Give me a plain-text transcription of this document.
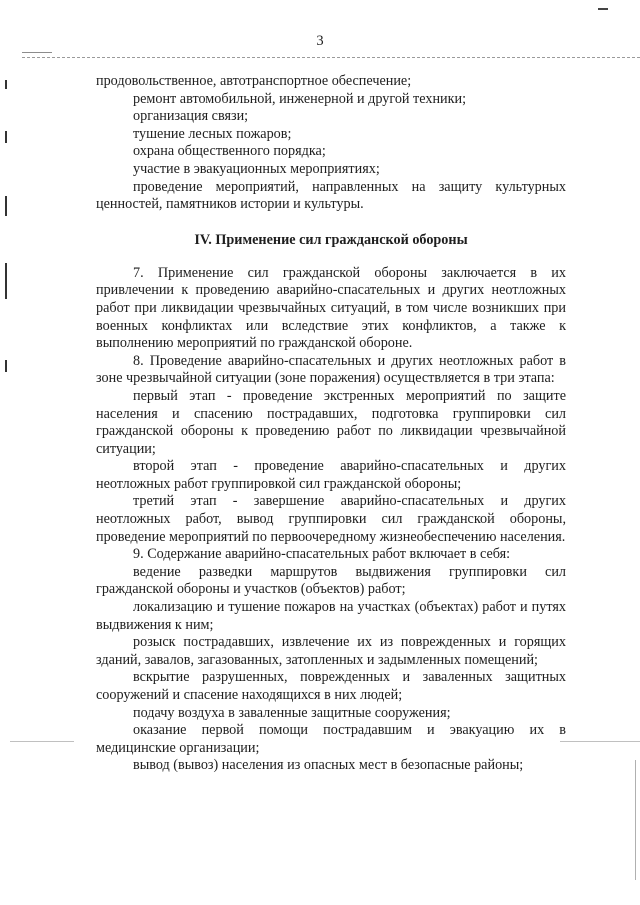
3

продовольственное, автотранспортное обеспечение;

ремонт автомобильной, инженерной и другой техники;

организация связи;

тушение лесных пожаров;

охрана общественного порядка;

участие в эвакуационных мероприятиях;

проведение мероприятий, направленных на защиту культурных ценностей, памятников истории и культуры.

IV. Применение сил гражданской обороны

7. Применение сил гражданской обороны заключается в их привлечении к проведению аварийно-спасательных и других неотложных работ при ликвидации чрезвычайных ситуаций, в том числе возникших при военных конфликтах или вследствие этих конфликтов, а также к выполнению мероприятий по гражданской обороне.

8. Проведение аварийно-спасательных и других неотложных работ в зоне чрезвычайной ситуации (зоне поражения) осуществляется в три этапа:

первый этап - проведение экстренных мероприятий по защите населения и спасению пострадавших, подготовка группировки сил гражданской обороны к проведению работ по ликвидации чрезвычайной ситуации;

второй этап - проведение аварийно-спасательных и других неотложных работ группировкой сил гражданской обороны;

третий этап - завершение аварийно-спасательных и других неотложных работ, вывод группировки сил гражданской обороны, проведение мероприятий по первоочередному жизнеобеспечению населения.

9. Содержание аварийно-спасательных работ включает в себя:

ведение разведки маршрутов выдвижения группировки сил гражданской обороны и участков (объектов) работ;

локализацию и тушение пожаров на участках (объектах) работ и путях выдвижения к ним;

розыск пострадавших, извлечение их из поврежденных и горящих зданий, завалов, загазованных, затопленных и задымленных помещений;

вскрытие разрушенных, поврежденных и заваленных защитных сооружений и спасение находящихся в них людей;

подачу воздуха в заваленные защитные сооружения;

оказание первой помощи пострадавшим и эвакуацию их в медицинские организации;

вывод (вывоз) населения из опасных мест в безопасные районы;
